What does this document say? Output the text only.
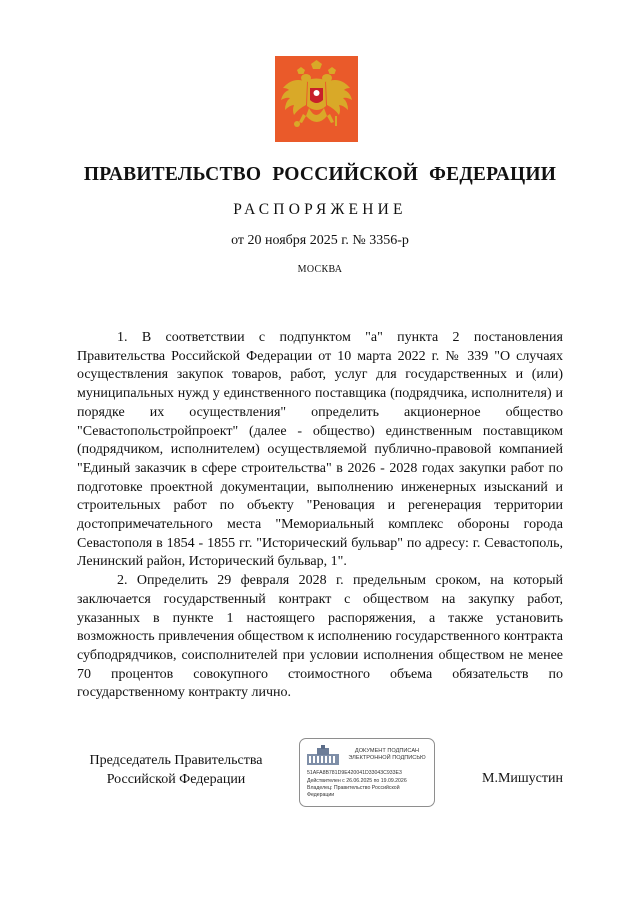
ПРАВИТЕЛЬСТВО РОССИЙСКОЙ ФЕДЕРАЦИИ
РАСПОРЯЖЕНИЕ
от 20 ноября 2025 г. № 3356-р
МОСКВА

1. В соответствии с подпунктом "а" пункта 2 постановления Правительства Российской Федерации от 10 марта 2022 г. № 339 "О случаях осуществления закупок товаров, работ, услуг для государственных и (или) муниципальных нужд у единственного поставщика (подрядчика, исполнителя) и порядке их осуществления" определить акционерное общество "Севастопольстройпроект" (далее - общество) единственным поставщиком (подрядчиком, исполнителем) осуществляемой публично-правовой компанией "Единый заказчик в сфере строительства" в 2026 - 2028 годах закупки работ по подготовке проектной документации, выполнению инженерных изысканий и строительных работ по объекту "Реновация и регенерация территории достопримечательного места "Мемориальный комплекс обороны города Севастополя в 1854 - 1855 гг. "Исторический бульвар" по адресу: г. Севастополь, Ленинский район, Исторический бульвар, 1".

2. Определить 29 февраля 2028 г. предельным сроком, на который заключается государственный контракт с обществом на закупку работ, указанных в пункте 1 настоящего распоряжения, а также установить возможность привлечения обществом к исполнению государственного контракта субподрядчиков, соисполнителей при условии исполнения обществом не менее 70 процентов совокупного стоимостного объема обязательств по государственному контракту лично.

Председатель Правительства
Российской Федерации
ДОКУМЕНТ ПОДПИСАН
ЭЛЕКТРОННОЙ ПОДПИСЬЮ
51AFA8B781D9E420041D33043C933E3
Действителен с 26.06.2025 по 19.09.2026
Владелец: Правительство Российской
Федерации
М.Мишустин
